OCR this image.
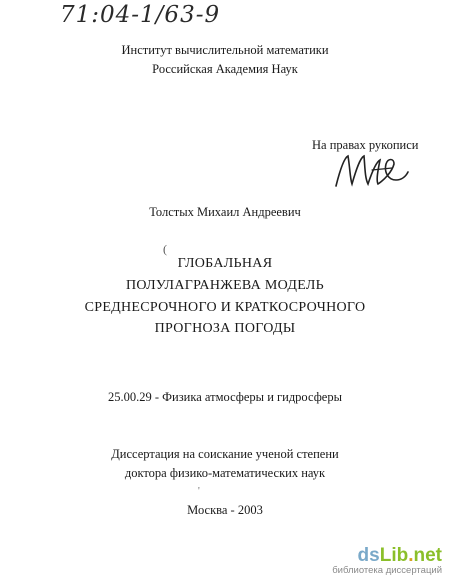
71:04-1/63-9
Институт вычислительной математики
Российская Академия Наук
На правах рукописи
Толстых Михаил Андреевич
(
ГЛОБАЛЬНАЯ
ПОЛУЛАГРАНЖЕВА МОДЕЛЬ
СРЕДНЕСРОЧНОГО И КРАТКОСРОЧНОГО
ПРОГНОЗА ПОГОДЫ
25.00.29 - Физика атмосферы и гидросферы
Диссертация на соискание ученой степени
доктора физико-математических наук
'
Москва - 2003
dsLib.net
библиотека диссертаций
